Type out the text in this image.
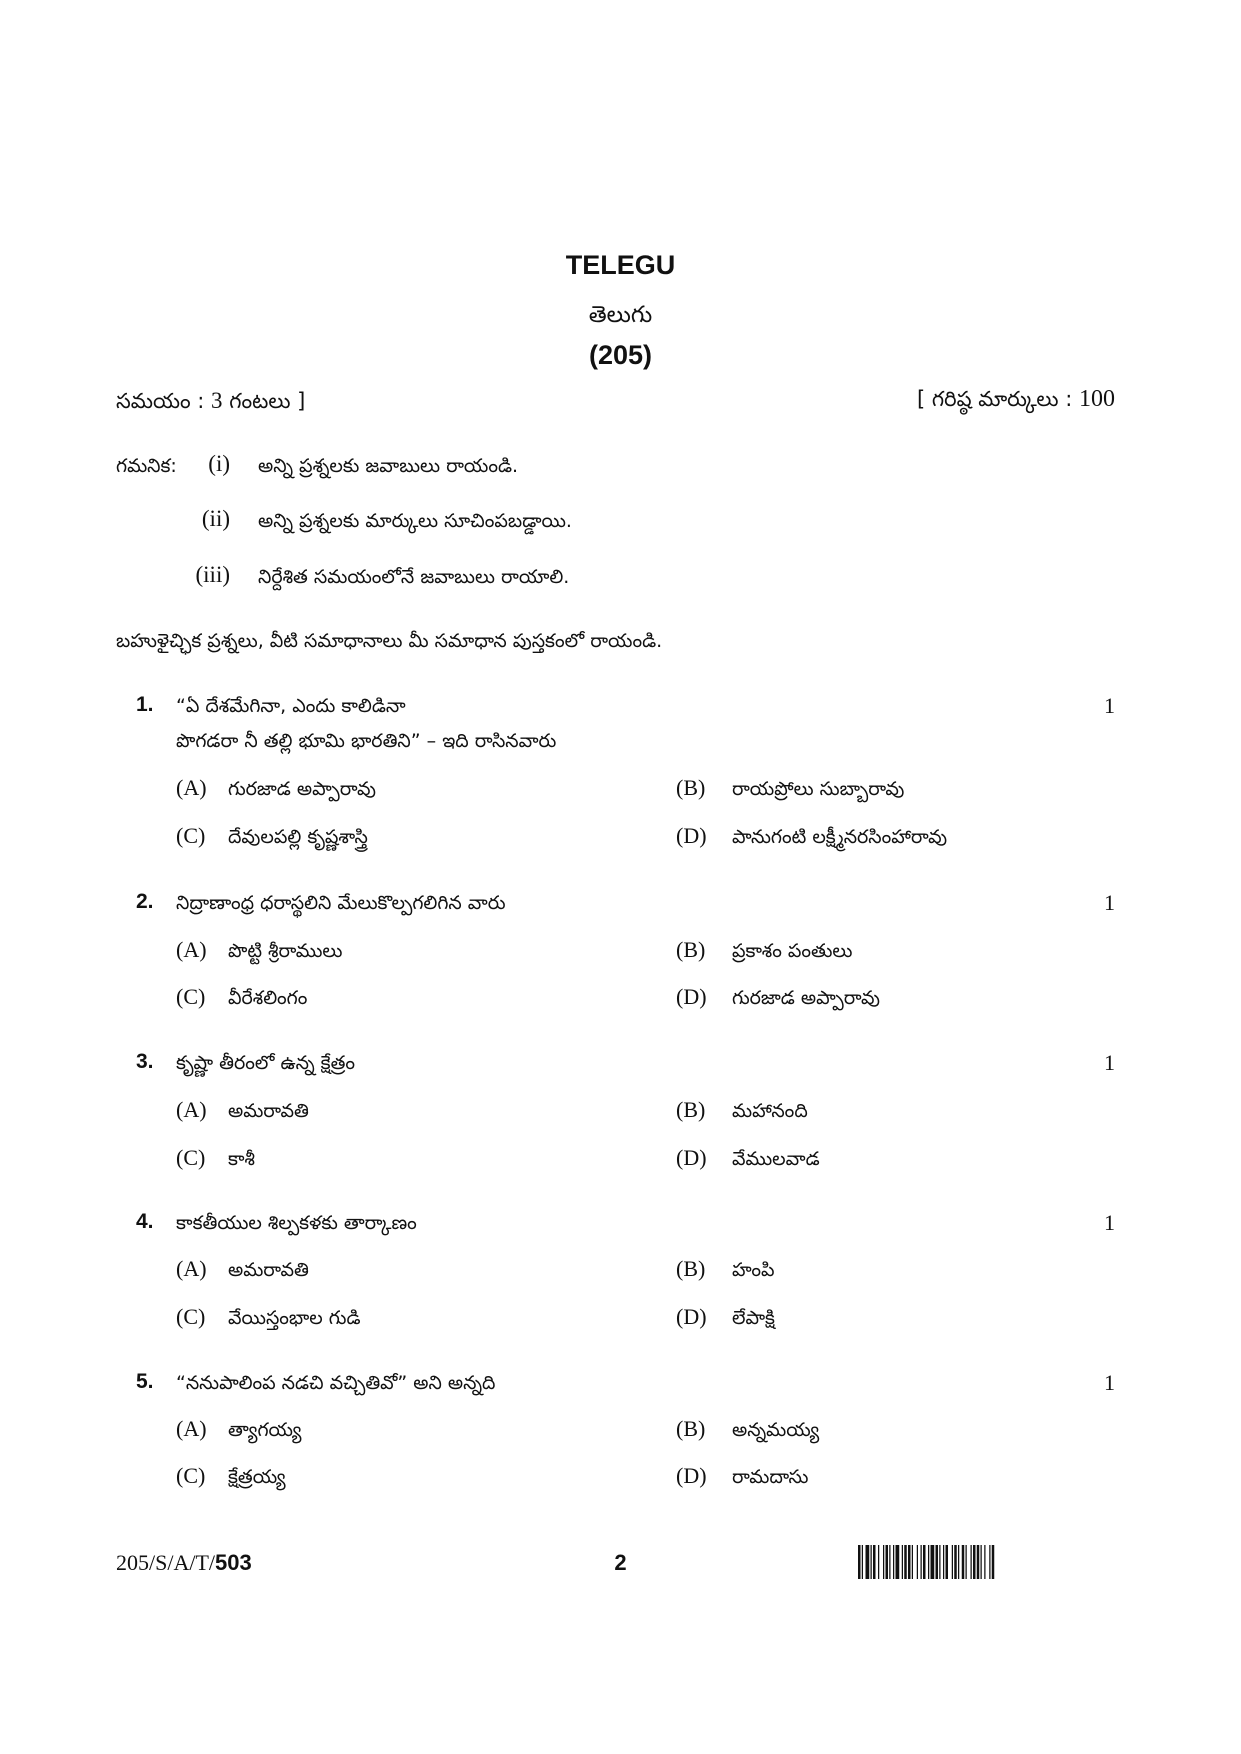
TELEGU
తెలుగు
(205)
సమయం : 3 గంటలు ]	[ గరిష్ఠ మార్కులు : 100
గమనిక:	(i) అన్ని ప్రశ్నలకు జవాబులు రాయండి.
(ii) అన్ని ప్రశ్నలకు మార్కులు సూచింపబడ్డాయి.
(iii) నిర్దేశిత సమయంలోనే జవాబులు రాయాలి.
బహుళైచ్ఛిక ప్రశ్నలు, వీటి సమాధానాలు మీ సమాధాన పుస్తకంలో రాయండి.
1. “ఏ దేశమేగినా, ఎందు కాలిడినా
పొగడరా నీ తల్లి భూమి భారతిని” – ఇది రాసినవారు
1
(A) గురజాడ అప్పారావు	(B) రాయప్రోలు సుబ్బారావు
(C) దేవులపల్లి కృష్ణశాస్త్రి	(D) పానుగంటి లక్ష్మీనరసింహారావు
2. నిద్రాణాంధ్ర ధరాస్థలిని మేలుకొల్పగలిగిన వారు	1
(A) పొట్టి శ్రీరాములు	(B) ప్రకాశం పంతులు
(C) వీరేశలింగం	(D) గురజాడ అప్పారావు
3. కృష్ణా తీరంలో ఉన్న క్షేత్రం	1
(A) అమరావతి	(B) మహానంది
(C) కాశీ	(D) వేములవాడ
4. కాకతీయుల శిల్పకళకు తార్కాణం	1
(A) అమరావతి	(B) హంపి
(C) వేయిస్తంభాల గుడి	(D) లేపాక్షి
5. “ననుపాలింప నడచి వచ్చితివో” అని అన్నది	1
(A) త్యాగయ్య	(B) అన్నమయ్య
(C) క్షేత్రయ్య	(D) రామదాసు
205/S/A/T/503	2
